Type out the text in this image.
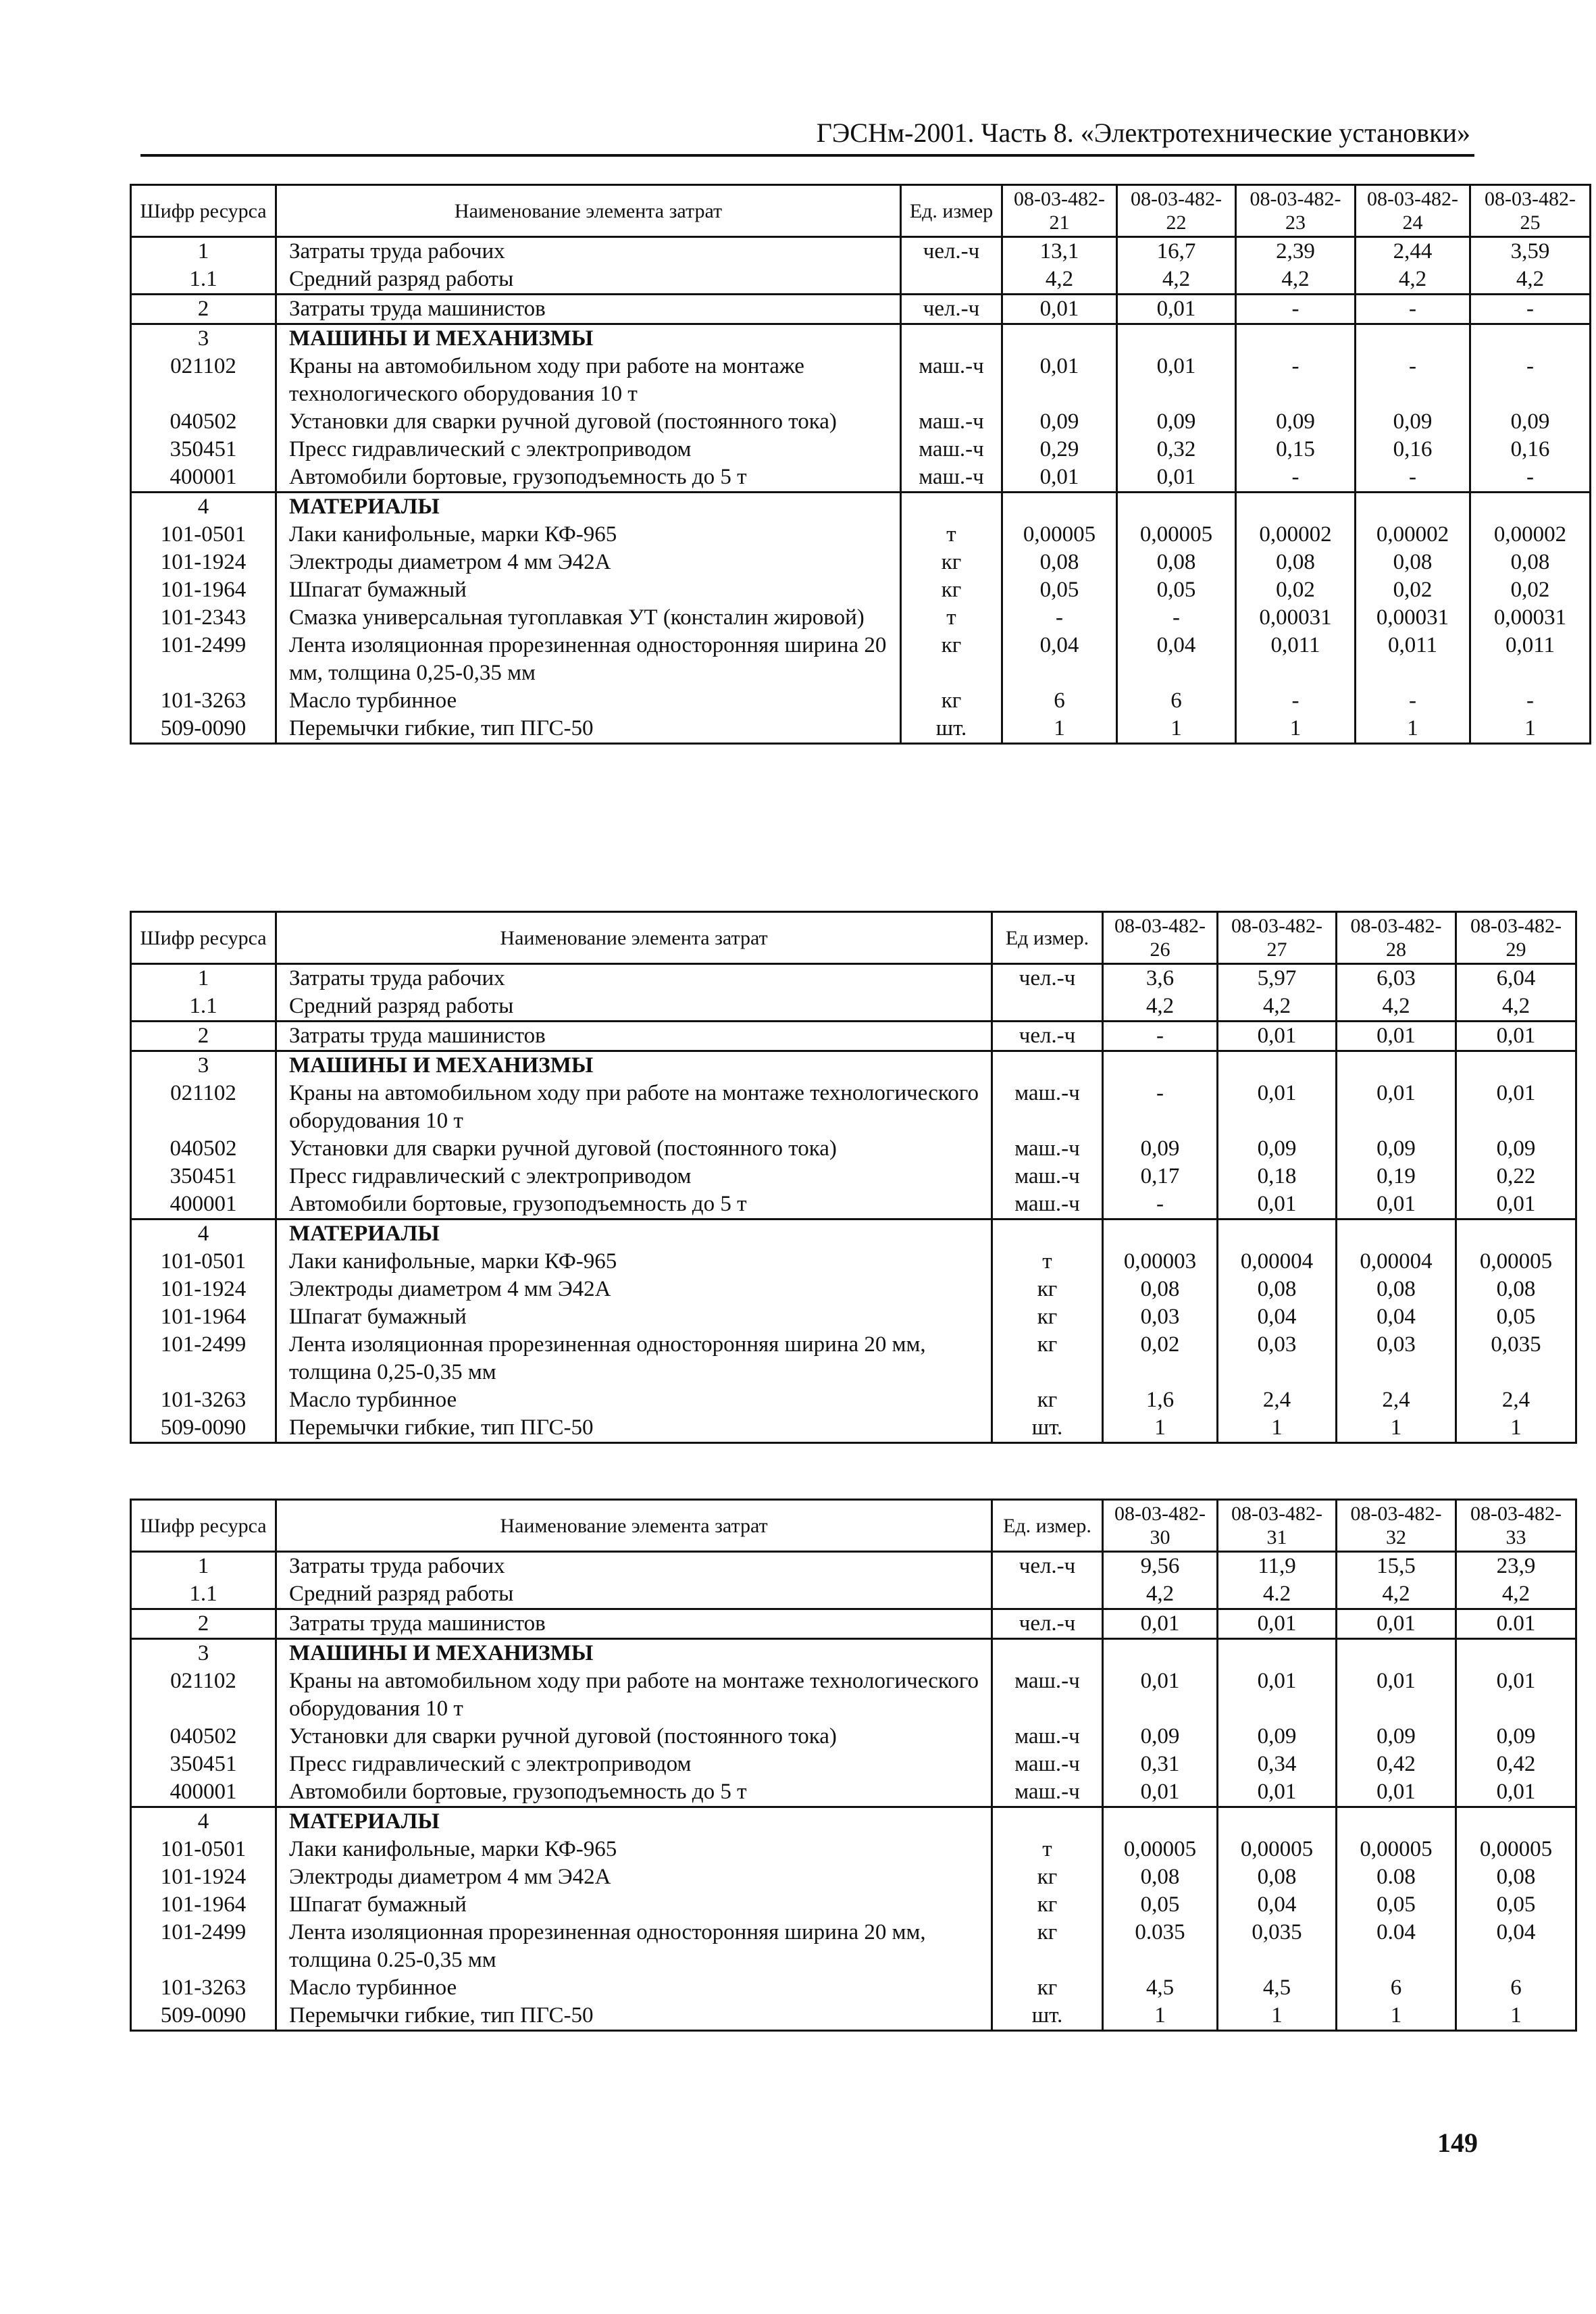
ГЭСНм-2001. Часть 8. «Электротехнические установки»
Шифр ресурса	Наименование элемента затрат	Ед. измер	08-03-482-21	08-03-482-22	08-03-482-23	08-03-482-24	08-03-482-25
1	Затраты труда рабочих	чел.-ч	13,1	16,7	2,39	2,44	3,59
1.1	Средний разряд работы		4,2	4,2	4,2	4,2	4,2
2	Затраты труда машинистов	чел.-ч	0,01	0,01	-	-	-
3	МАШИНЫ И МЕХАНИЗМЫ						
021102	Краны на автомобильном ходу при работе на монтаже технологического оборудования 10 т	маш.-ч	0,01	0,01	-	-	-
040502	Установки для сварки ручной дуговой (постоянного тока)	маш.-ч	0,09	0,09	0,09	0,09	0,09
350451	Пресс гидравлический с электроприводом	маш.-ч	0,29	0,32	0,15	0,16	0,16
400001	Автомобили бортовые, грузоподъемность до 5 т	маш.-ч	0,01	0,01	-	-	-
4	МАТЕРИАЛЫ						
101-0501	Лаки канифольные, марки КФ-965	т	0,00005	0,00005	0,00002	0,00002	0,00002
101-1924	Электроды диаметром 4 мм Э42А	кг	0,08	0,08	0,08	0,08	0,08
101-1964	Шпагат бумажный	кг	0,05	0,05	0,02	0,02	0,02
101-2343	Смазка универсальная тугоплавкая УТ (консталин жировой)	т	-	-	0,00031	0,00031	0,00031
101-2499	Лента изоляционная прорезиненная односторонняя ширина 20 мм, толщина 0,25-0,35 мм	кг	0,04	0,04	0,011	0,011	0,011
101-3263	Масло турбинное	кг	6	6	-	-	-
509-0090	Перемычки гибкие, тип ПГС-50	шт.	1	1	1	1	1
Шифр ресурса	Наименование элемента затрат	Ед измер.	08-03-482-26	08-03-482-27	08-03-482-28	08-03-482-29
1	Затраты труда рабочих	чел.-ч	3,6	5,97	6,03	6,04
1.1	Средний разряд работы		4,2	4,2	4,2	4,2
2	Затраты труда машинистов	чел.-ч	-	0,01	0,01	0,01
3	МАШИНЫ И МЕХАНИЗМЫ					
021102	Краны на автомобильном ходу при работе на монтаже технологического оборудования 10 т	маш.-ч	-	0,01	0,01	0,01
040502	Установки для сварки ручной дуговой (постоянного тока)	маш.-ч	0,09	0,09	0,09	0,09
350451	Пресс гидравлический с электроприводом	маш.-ч	0,17	0,18	0,19	0,22
400001	Автомобили бортовые, грузоподъемность до 5 т	маш.-ч	-	0,01	0,01	0,01
4	МАТЕРИАЛЫ					
101-0501	Лаки канифольные, марки КФ-965	т	0,00003	0,00004	0,00004	0,00005
101-1924	Электроды диаметром 4 мм Э42А	кг	0,08	0,08	0,08	0,08
101-1964	Шпагат бумажный	кг	0,03	0,04	0,04	0,05
101-2499	Лента изоляционная прорезиненная односторонняя ширина 20 мм, толщина 0,25-0,35 мм	кг	0,02	0,03	0,03	0,035
101-3263	Масло турбинное	кг	1,6	2,4	2,4	2,4
509-0090	Перемычки гибкие, тип ПГС-50	шт.	1	1	1	1
Шифр ресурса	Наименование элемента затрат	Ед. измер.	08-03-482-30	08-03-482-31	08-03-482-32	08-03-482-33
1	Затраты труда рабочих	чел.-ч	9,56	11,9	15,5	23,9
1.1	Средний разряд работы		4,2	4.2	4,2	4,2
2	Затраты труда машинистов	чел.-ч	0,01	0,01	0,01	0.01
3	МАШИНЫ И МЕХАНИЗМЫ					
021102	Краны на автомобильном ходу при работе на монтаже технологического оборудования 10 т	маш.-ч	0,01	0,01	0,01	0,01
040502	Установки для сварки ручной дуговой (постоянного тока)	маш.-ч	0,09	0,09	0,09	0,09
350451	Пресс гидравлический с электроприводом	маш.-ч	0,31	0,34	0,42	0,42
400001	Автомобили бортовые, грузоподъемность до 5 т	маш.-ч	0,01	0,01	0,01	0,01
4	МАТЕРИАЛЫ					
101-0501	Лаки канифольные, марки КФ-965	т	0,00005	0,00005	0,00005	0,00005
101-1924	Электроды диаметром 4 мм Э42А	кг	0,08	0,08	0.08	0,08
101-1964	Шпагат бумажный	кг	0,05	0,04	0,05	0,05
101-2499	Лента изоляционная прорезиненная односторонняя ширина 20 мм, толщина 0.25-0,35 мм	кг	0.035	0,035	0.04	0,04
101-3263	Масло турбинное	кг	4,5	4,5	6	6
509-0090	Перемычки гибкие, тип ПГС-50	шт.	1	1	1	1
149
